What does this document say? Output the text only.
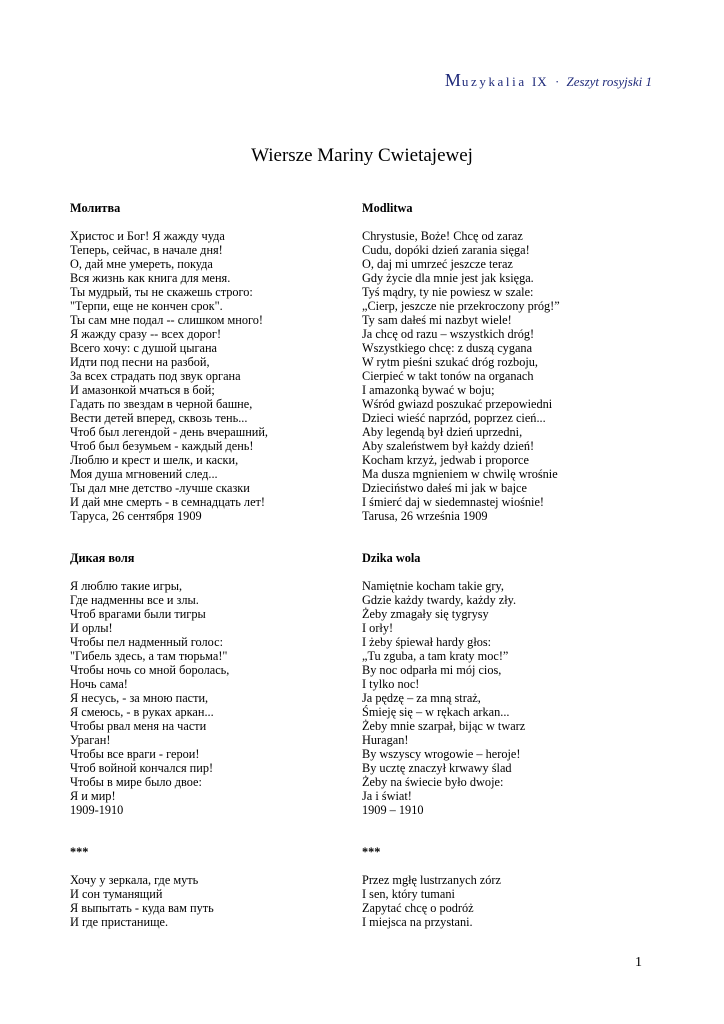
Muzykalia IX · Zeszyt rosyjski 1
Wiersze Mariny Cwietajewej
Молитва
Христос и Бог! Я жажду чуда
Теперь, сейчас, в начале дня!
О, дай мне умереть, покуда
Вся жизнь как книга для меня.
Ты мудрый, ты не скажешь строго:
"Терпи, еще не кончен срок".
Ты сам мне подал -- слишком много!
Я жажду сразу -- всех дорог!
Всего хочу: с душой цыгана
Идти под песни на разбой,
За всех страдать под звук органа
И амазонкой мчаться в бой;
Гадать по звездам в черной башне,
Вести детей вперед, сквозь тень...
Чтоб был легендой - день вчерашний,
Чтоб был безумьем - каждый день!
Люблю и крест и шелк, и каски,
Моя душа мгновений след...
Ты дал мне детство -лучше сказки
И дай мне смерть - в семнадцать лет!
Таруса, 26 сентября 1909
Modlitwa
Chrystusie, Boże! Chcę od zaraz
Cudu, dopóki dzień zarania sięga!
O, daj mi umrzeć jeszcze teraz
Gdy życie dla mnie jest jak księga.
Tyś mądry, ty nie powiesz w szale:
„Cierp, jeszcze nie przekroczony próg!”
Ty sam dałeś mi nazbyt wiele!
Ja chcę od razu – wszystkich dróg!
Wszystkiego chcę: z duszą cygana
W rytm pieśni szukać dróg rozboju,
Cierpieć w takt tonów na organach
I amazonką bywać w boju;
Wśród gwiazd poszukać przepowiedni
Dzieci wieść naprzód, poprzez cień...
Aby legendą był dzień uprzedni,
Aby szaleństwem był każdy dzień!
Kocham krzyż, jedwab i proporce
Ma dusza mgnieniem w chwilę wrośnie
Dzieciństwo dałeś mi jak w bajce
I śmierć daj w siedemnastej wiośnie!
Tarusa, 26 września 1909
Дикая воля
Я люблю такие игры,
Где надменны все и злы.
Чтоб врагами были тигры
И орлы!
Чтобы пел надменный голос:
"Гибель здесь, а там тюрьма!"
Чтобы ночь со мной боролась,
Ночь сама!
Я несусь, - за мною пасти,
Я смеюсь, - в руках аркан...
Чтобы рвал меня на части
Ураган!
Чтобы все враги - герои!
Чтоб войной кончался пир!
Чтобы в мире было двое:
Я и мир!
1909-1910
Dzika wola
Namiętnie kocham takie gry,
Gdzie każdy twardy, każdy zły.
Żeby zmagały się tygrysy
I orły!
I żeby śpiewał hardy głos:
„Tu zguba, a tam kraty moc!”
By noc odparła mi mój cios,
I tylko noc!
Ja pędzę – za mną straż,
Śmieję się – w rękach arkan...
Żeby mnie szarpał, bijąc w twarz
Huragan!
By wszyscy wrogowie – heroje!
By ucztę znaczył krwawy ślad
Żeby na świecie było dwoje:
Ja i świat!
1909 – 1910
***
Хочу у зеркала, где муть
И сон туманящий
Я выпытать - куда вам путь
И где пристанище.
***
Przez mgłę lustrzanych zórz
I sen, który tumani
Zapytać chcę o podróż
I miejsca na przystani.
1
